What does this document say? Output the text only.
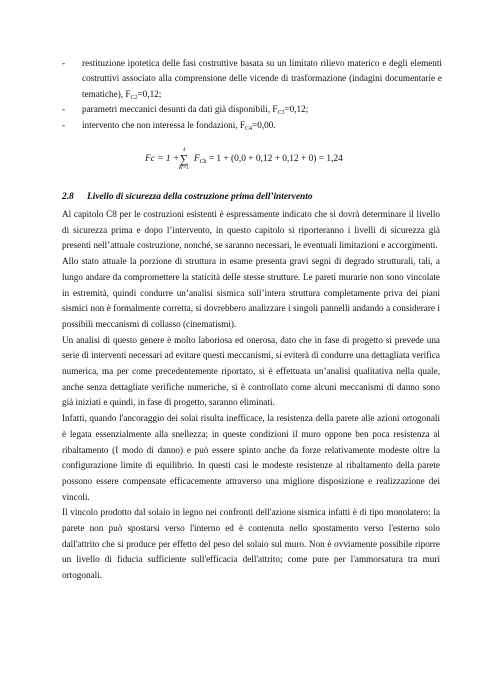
- restituzione ipotetica delle fasi costruttive basata su un limitato rilievo materico e degli elementi costruttivi associato alla comprensione delle vicende di trasformazione (indagini documentarie e tematiche), $F_{C2}=0,12$;
- parametri meccanici desunti da dati già disponibili, $F_{C3}=0,12$;
- intervento che non interessa le fondazioni, $F_{C4}=0,00$.
Fc = 1 +
4
∑
K=1
$F_{Ck} = 1 + (0,0 + 0,12 + 0,12 + 0) = 1,24$
2.8 Livello di sicurezza della costruzione prima dell’intervento

Al capitolo C8 per le costruzioni esistenti è espressamente indicato che si dovrà determinare il livello di sicurezza prima e dopo l’intervento, in questo capitolo si riporteranno i livelli di sicurezza già presenti nell’attuale costruzione, nonché, se saranno necessari, le eventuali limitazioni e accorgimenti.

Allo stato attuale la porzione di struttura in esame presenta gravi segni di degrado strutturali, tali, a lungo andare da compromettere la staticità delle stesse strutture. Le pareti murarie non sono vincolate in estremità, quindi condurre un’analisi sismica sull’intera struttura completamente priva dei piani sismici non è formalmente corretta, si dovrebbero analizzare i singoli pannelli andando a considerare i possibili meccanismi di collasso (cinematismi).

Un analisi di questo genere è molto laboriosa ed onerosa, dato che in fase di progetto si prevede una serie di interventi necessari ad evitare questi meccanismi, si eviterà di condurre una dettagliata verifica numerica, ma per come precedentemente riportato, si è effettuata un’analisi qualitativa nella quale, anche senza dettagliate verifiche numeriche, si è controllato come alcuni meccanismi di danno sono già iniziati e quindi, in fase di progetto, saranno eliminati.

Infatti, quando l'ancoraggio dei solai risulta inefficace, la resistenza della parete alle azioni ortogonali è legata essenzialmente alla snellezza; in queste condizioni il muro oppone ben poca resistenza al ribaltamento (I modo di danno) e può essere spinto anche da forze relativamente modeste oltre la configurazione limite di equilibrio. In questi casi le modeste resistenze al ribaltamento della parete possono essere compensate efficacemente attraverso una migliore disposizione e realizzazione dei vincoli.

Il vincolo prodotto dal solaio in legno nei confronti dell'azione sismica infatti è di tipo monolatero: la parete non può spostarsi verso l'interno ed è contenuta nello spostamento verso l'esterno solo dall'attrito che si produce per effetto del peso del solaio sul muro. Non è ovviamente possibile riporre un livello di fiducia sufficiente sull'efficacia dell'attrito; come pure per l'ammorsatura tra muri ortogonali.
